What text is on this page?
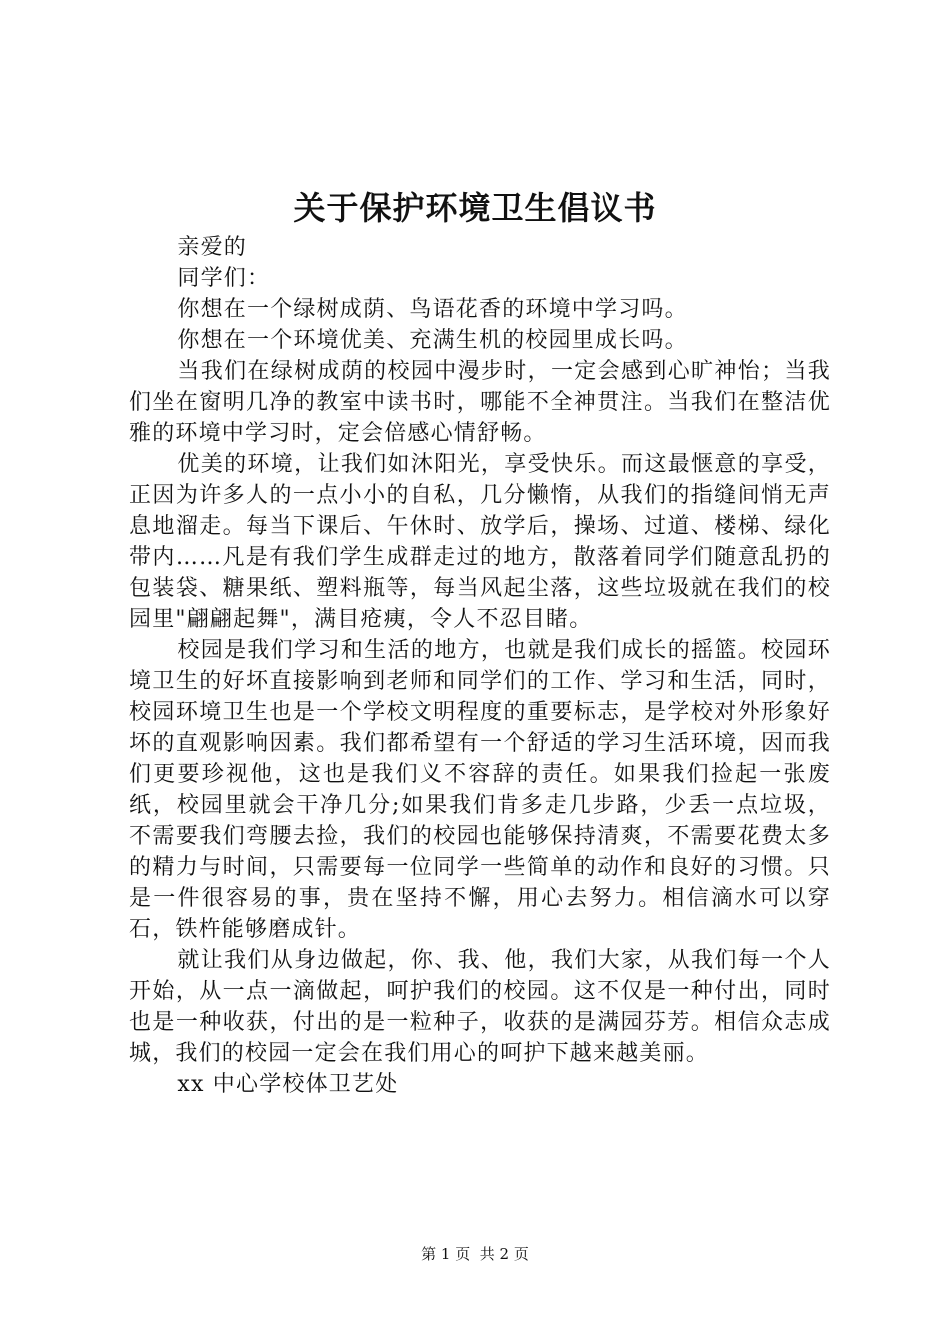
关于保护环境卫生倡议书

亲爱的

同学们：

你想在一个绿树成荫、鸟语花香的环境中学习吗。

你想在一个环境优美、充满生机的校园里成长吗。

当我们在绿树成荫的校园中漫步时，一定会感到心旷神怡；当我们坐在窗明几净的教室中读书时，哪能不全神贯注。当我们在整洁优雅的环境中学习时，定会倍感心情舒畅。

优美的环境，让我们如沐阳光，享受快乐。而这最惬意的享受，正因为许多人的一点小小的自私，几分懒惰，从我们的指缝间悄无声息地溜走。每当下课后、午休时、放学后，操场、过道、楼梯、绿化带内……凡是有我们学生成群走过的地方，散落着同学们随意乱扔的包装袋、糖果纸、塑料瓶等，每当风起尘落，这些垃圾就在我们的校园里"翩翩起舞"，满目疮痍，令人不忍目睹。

校园是我们学习和生活的地方，也就是我们成长的摇篮。校园环境卫生的好坏直接影响到老师和同学们的工作、学习和生活，同时，校园环境卫生也是一个学校文明程度的重要标志，是学校对外形象好坏的直观影响因素。我们都希望有一个舒适的学习生活环境，因而我们更要珍视他，这也是我们义不容辞的责任。如果我们捡起一张废纸，校园里就会干净几分;如果我们肯多走几步路，少丢一点垃圾，不需要我们弯腰去捡，我们的校园也能够保持清爽，不需要花费太多的精力与时间，只需要每一位同学一些简单的动作和良好的习惯。只是一件很容易的事，贵在坚持不懈，用心去努力。相信滴水可以穿石，铁杵能够磨成针。

就让我们从身边做起，你、我、他，我们大家，从我们每一个人开始，从一点一滴做起，呵护我们的校园。这不仅是一种付出，同时也是一种收获，付出的是一粒种子，收获的是满园芬芳。相信众志成城，我们的校园一定会在我们用心的呵护下越来越美丽。

xx 中心学校体卫艺处

第 1 页  共 2 页
